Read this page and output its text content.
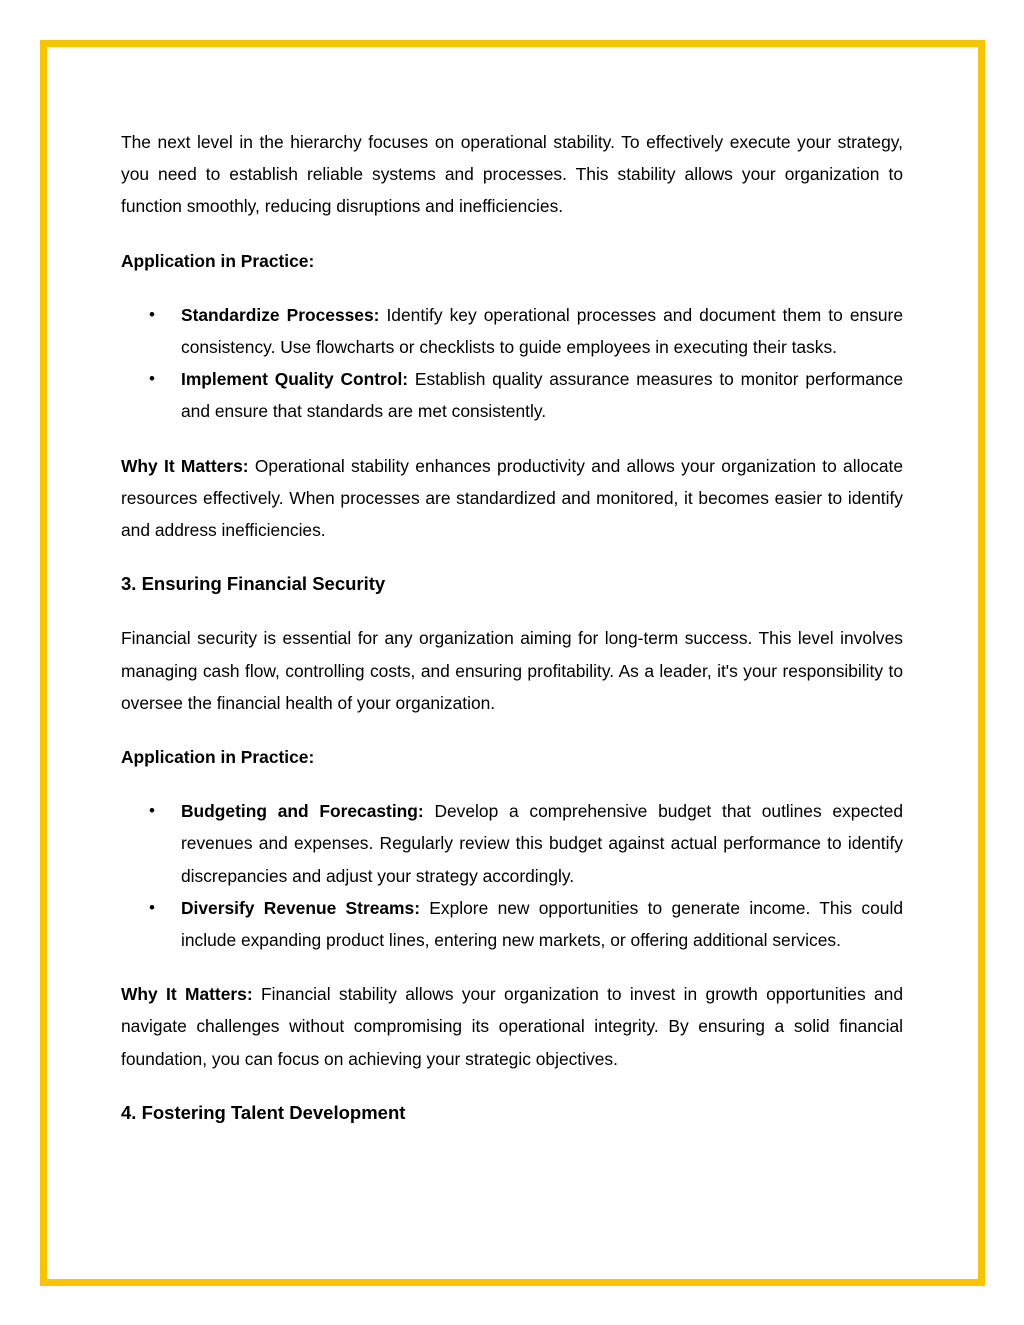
The next level in the hierarchy focuses on operational stability. To effectively execute your strategy, you need to establish reliable systems and processes. This stability allows your organization to function smoothly, reducing disruptions and inefficiencies.

Application in Practice:

• Standardize Processes: Identify key operational processes and document them to ensure consistency. Use flowcharts or checklists to guide employees in executing their tasks.
• Implement Quality Control: Establish quality assurance measures to monitor performance and ensure that standards are met consistently.

Why It Matters: Operational stability enhances productivity and allows your organization to allocate resources effectively. When processes are standardized and monitored, it becomes easier to identify and address inefficiencies.

3. Ensuring Financial Security

Financial security is essential for any organization aiming for long-term success. This level involves managing cash flow, controlling costs, and ensuring profitability. As a leader, it's your responsibility to oversee the financial health of your organization.

Application in Practice:

• Budgeting and Forecasting: Develop a comprehensive budget that outlines expected revenues and expenses. Regularly review this budget against actual performance to identify discrepancies and adjust your strategy accordingly.
• Diversify Revenue Streams: Explore new opportunities to generate income. This could include expanding product lines, entering new markets, or offering additional services.

Why It Matters: Financial stability allows your organization to invest in growth opportunities and navigate challenges without compromising its operational integrity. By ensuring a solid financial foundation, you can focus on achieving your strategic objectives.

4. Fostering Talent Development
